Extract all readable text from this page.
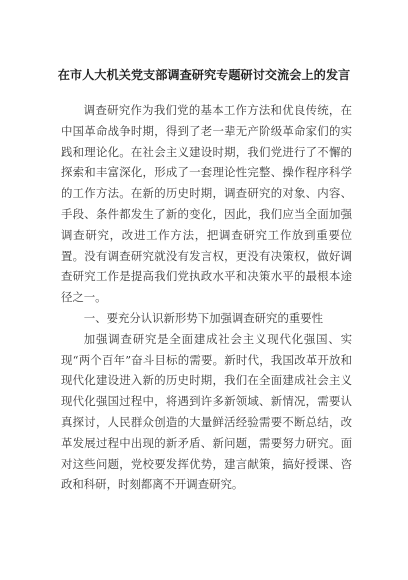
在市人大机关党支部调查研究专题研讨交流会上的发言

调查研究作为我们党的基本工作方法和优良传统，在中国革命战争时期，得到了老一辈无产阶级革命家们的实践和理论化。在社会主义建设时期，我们党进行了不懈的探索和丰富深化，形成了一套理论性完整、操作程序科学的工作方法。在新的历史时期，调查研究的对象、内容、手段、条件都发生了新的变化，因此，我们应当全面加强调查研究，改进工作方法，把调查研究工作放到重要位置。没有调查研究就没有发言权，更没有决策权，做好调查研究工作是提高我们党执政水平和决策水平的最根本途径之一。

一、要充分认识新形势下加强调查研究的重要性

加强调查研究是全面建成社会主义现代化强国、实现“两个百年”奋斗目标的需要。新时代，我国改革开放和现代化建设进入新的历史时期，我们在全面建成社会主义现代化强国过程中，将遇到许多新领域、新情况，需要认真探讨，人民群众创造的大量鲜活经验需要不断总结，改革发展过程中出现的新矛盾、新问题，需要努力研究。面对这些问题，党校要发挥优势，建言献策，搞好授课、咨政和科研，时刻都离不开调查研究。
